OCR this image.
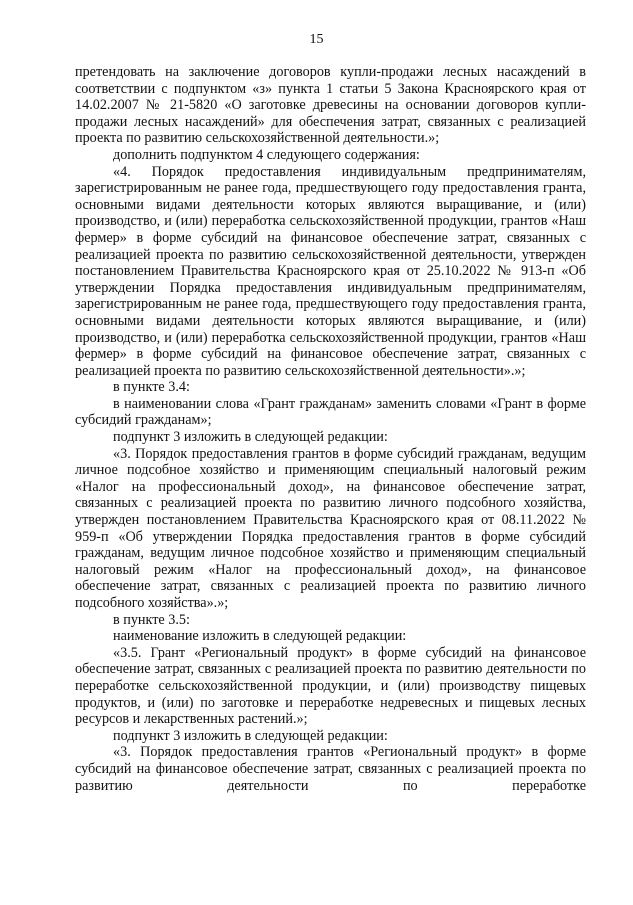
15

претендовать на заключение договоров купли-продажи лесных насаждений в соответствии с подпунктом «з» пункта 1 статьи 5 Закона Красноярского края от 14.02.2007 № 21-5820 «О заготовке древесины на основании договоров купли-продажи лесных насаждений» для обеспечения затрат, связанных с реализацией проекта по развитию сельскохозяйственной деятельности.»;

дополнить подпунктом 4 следующего содержания:

«4. Порядок предоставления индивидуальным предпринимателям, зарегистрированным не ранее года, предшествующего году предоставления гранта, основными видами деятельности которых являются выращивание, и (или) производство, и (или) переработка сельскохозяйственной продукции, грантов «Наш фермер» в форме субсидий на финансовое обеспечение затрат, связанных с реализацией проекта по развитию сельскохозяйственной деятельности, утвержден постановлением Правительства Красноярского края от 25.10.2022 № 913-п «Об утверждении Порядка предоставления индивидуальным предпринимателям, зарегистрированным не ранее года, предшествующего году предоставления гранта, основными видами деятельности которых являются выращивание, и (или) производство, и (или) переработка сельскохозяйственной продукции, грантов «Наш фермер» в форме субсидий на финансовое обеспечение затрат, связанных с реализацией проекта по развитию сельскохозяйственной деятельности».»;

в пункте 3.4:

в наименовании слова «Грант гражданам» заменить словами «Грант в форме субсидий гражданам»;

подпункт 3 изложить в следующей редакции:

«3. Порядок предоставления грантов в форме субсидий гражданам, ведущим личное подсобное хозяйство и применяющим специальный налоговый режим «Налог на профессиональный доход», на финансовое обеспечение затрат, связанных с реализацией проекта по развитию личного подсобного хозяйства, утвержден постановлением Правительства Красноярского края от 08.11.2022 № 959-п «Об утверждении Порядка предоставления грантов в форме субсидий гражданам, ведущим личное подсобное хозяйство и применяющим специальный налоговый режим «Налог на профессиональный доход», на финансовое обеспечение затрат, связанных с реализацией проекта по развитию личного подсобного хозяйства».»;

в пункте 3.5:

наименование изложить в следующей редакции:

«3.5. Грант «Региональный продукт» в форме субсидий на финансовое обеспечение затрат, связанных с реализацией проекта по развитию деятельности по переработке сельскохозяйственной продукции, и (или) производству пищевых продуктов, и (или) по заготовке и переработке недревесных и пищевых лесных ресурсов и лекарственных растений.»;

подпункт 3 изложить в следующей редакции:

«3. Порядок предоставления грантов «Региональный продукт» в форме субсидий на финансовое обеспечение затрат, связанных с реализацией проекта по развитию деятельности по переработке
